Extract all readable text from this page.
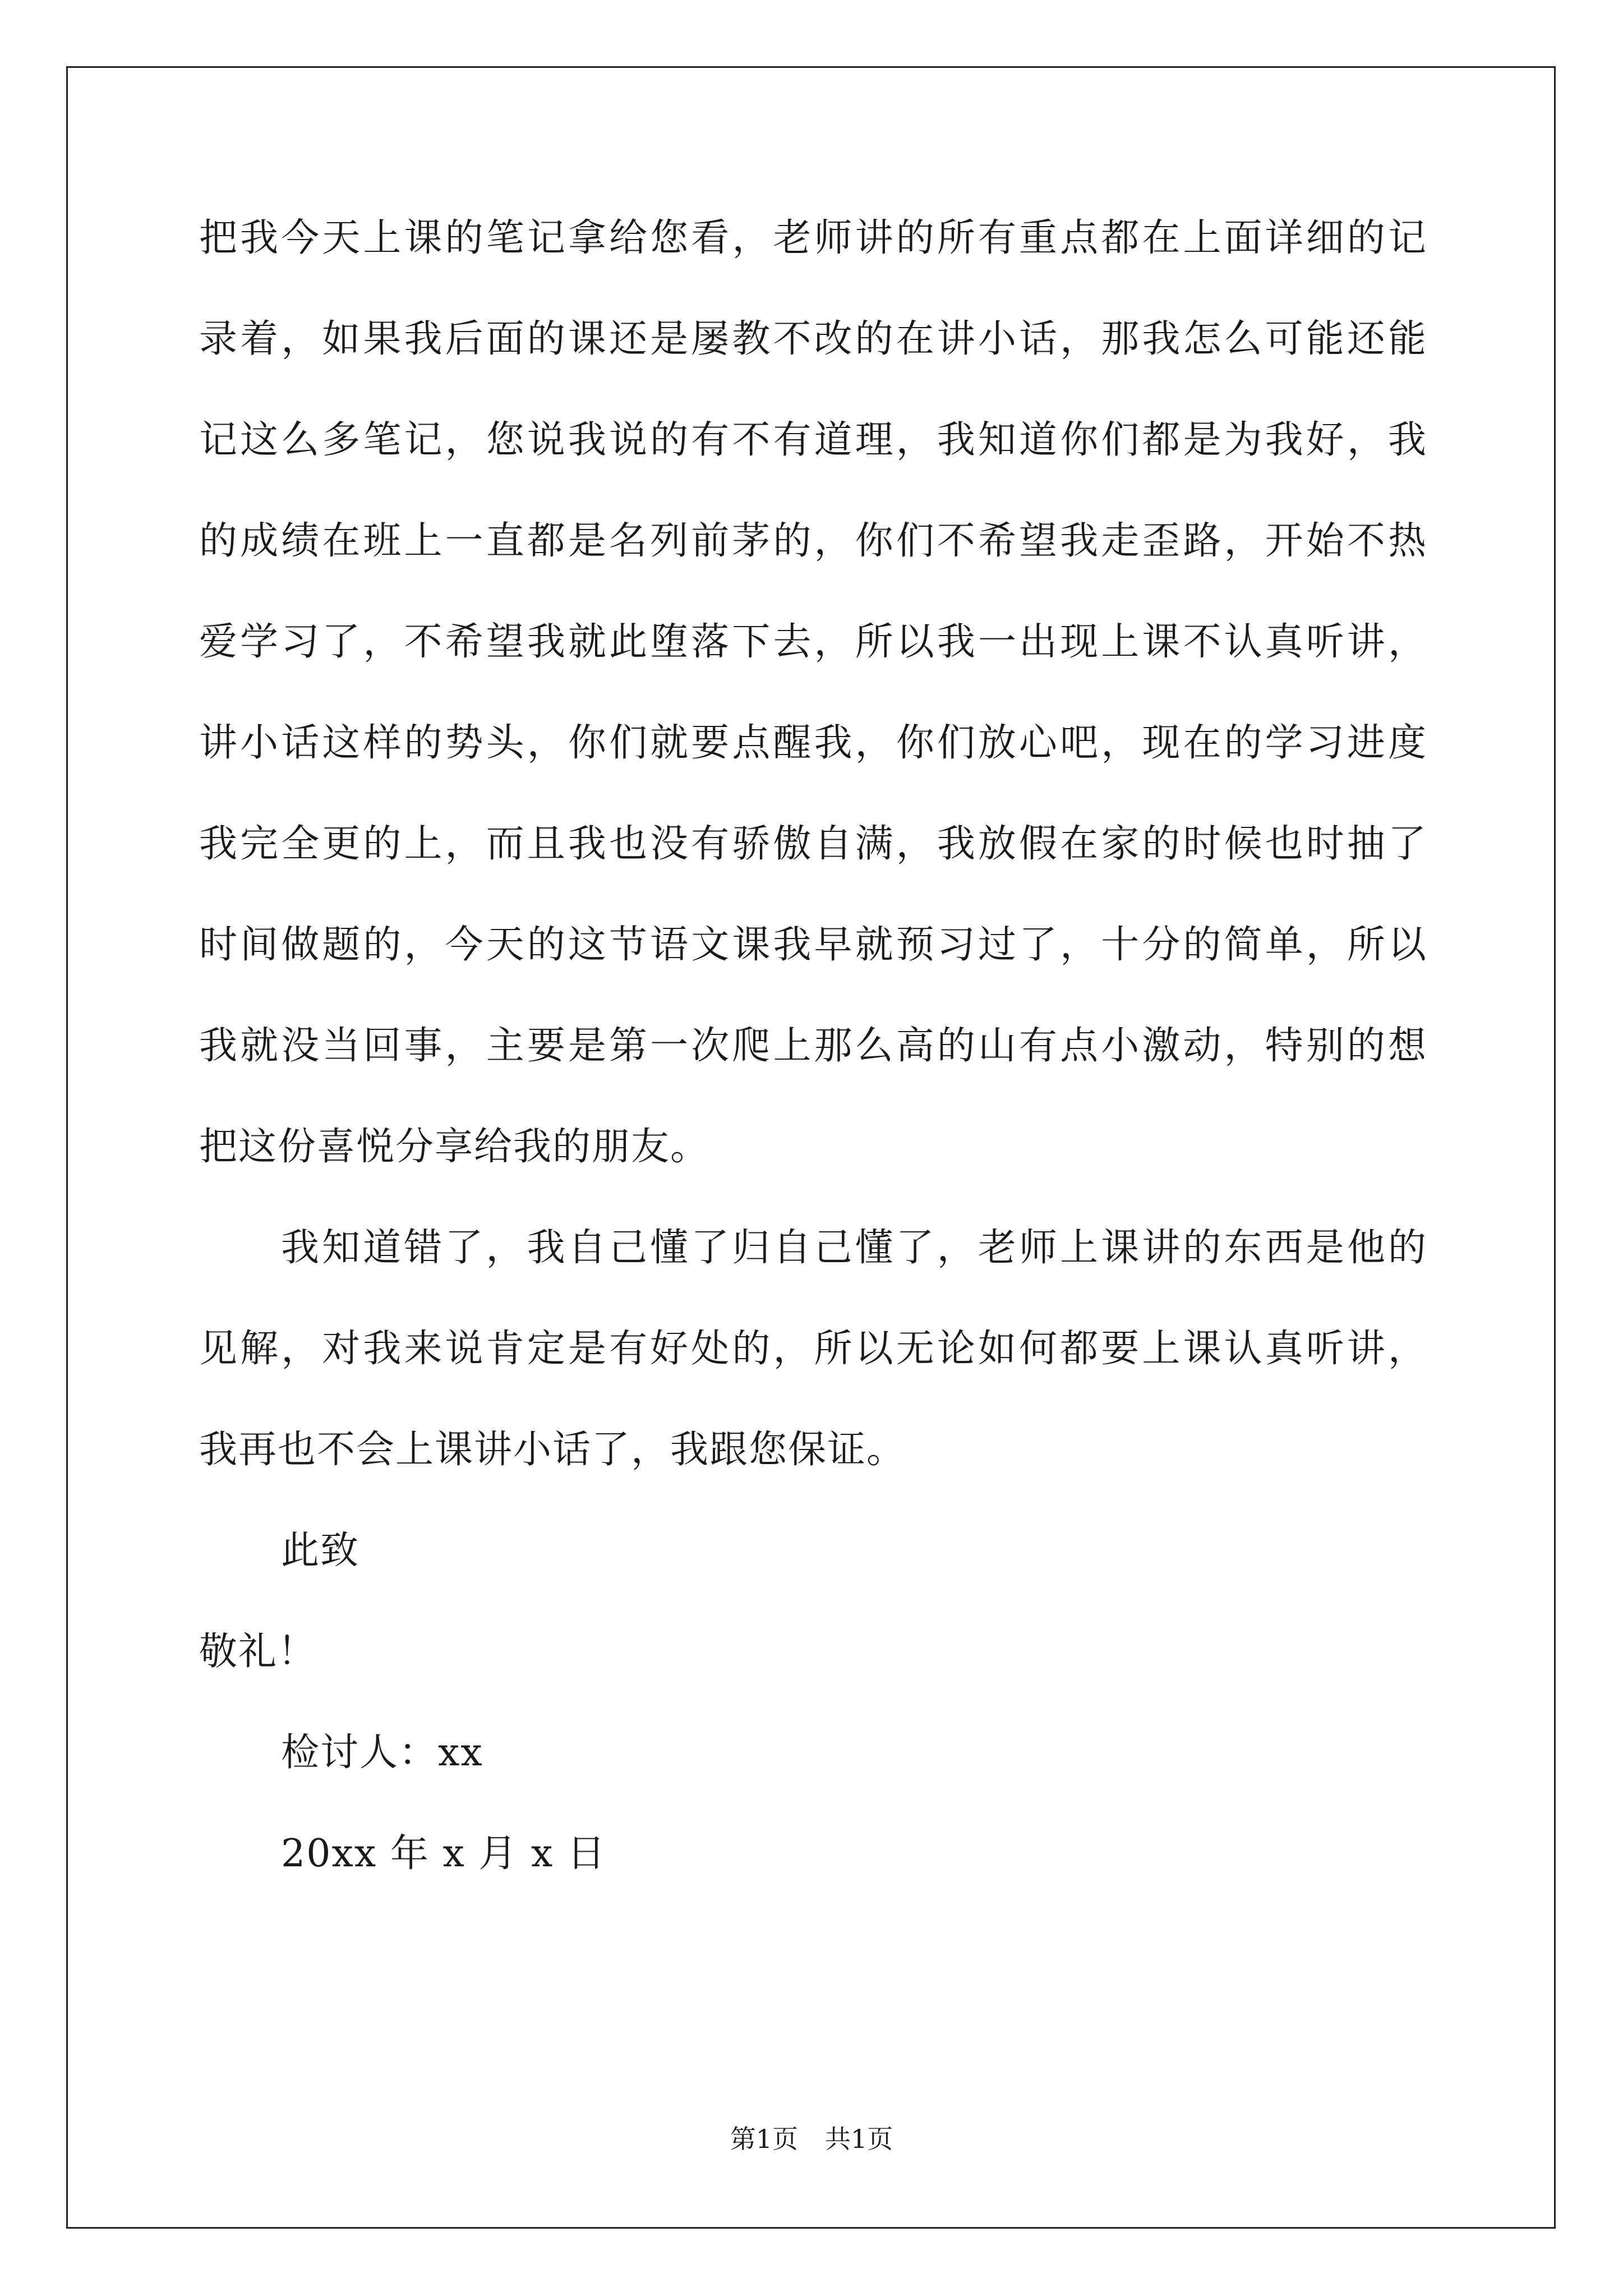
把我今天上课的笔记拿给您看，老师讲的所有重点都在上面详细的记
录着，如果我后面的课还是屡教不改的在讲小话，那我怎么可能还能
记这么多笔记，您说我说的有不有道理，我知道你们都是为我好，我
的成绩在班上一直都是名列前茅的，你们不希望我走歪路，开始不热
爱学习了，不希望我就此堕落下去，所以我一出现上课不认真听讲，
讲小话这样的势头，你们就要点醒我，你们放心吧，现在的学习进度
我完全更的上，而且我也没有骄傲自满，我放假在家的时候也时抽了
时间做题的，今天的这节语文课我早就预习过了，十分的简单，所以
我就没当回事，主要是第一次爬上那么高的山有点小激动，特别的想
把这份喜悦分享给我的朋友。
我知道错了，我自己懂了归自己懂了，老师上课讲的东西是他的
见解，对我来说肯定是有好处的，所以无论如何都要上课认真听讲，
我再也不会上课讲小话了，我跟您保证。
此致
敬礼！
检讨人：xx
20xx 年 x 月 x 日
第1页 共1页
